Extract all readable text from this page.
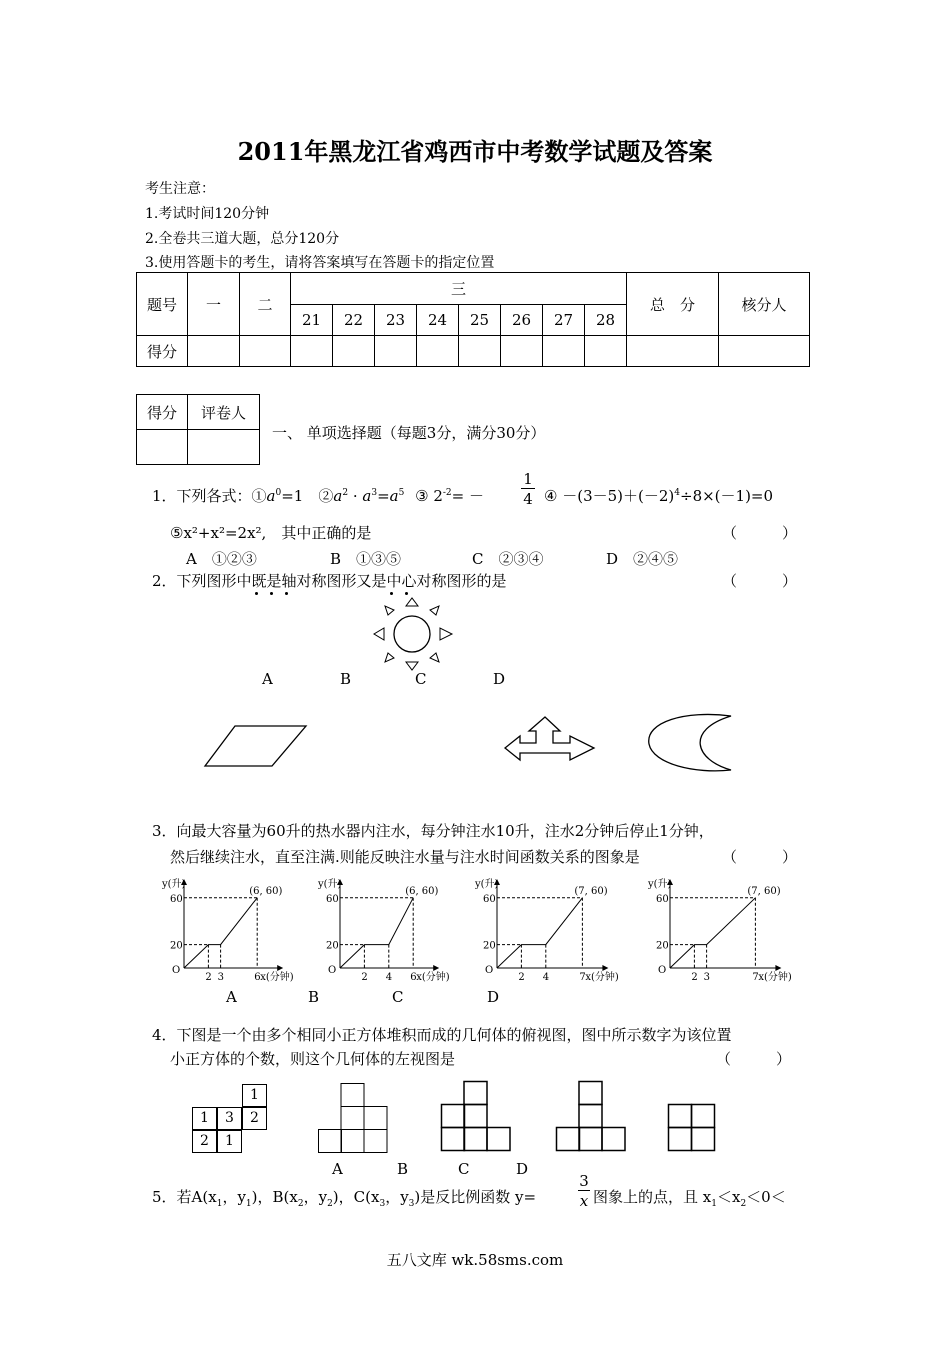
2011年黑龙江省鸡西市中考数学试题及答案
考生注意：
1.考试时间120分钟
2.全卷共三道大题，总分120分
3.使用答题卡的考生，请将答案填写在答题卡的指定位置
题号	一	二	三								总　分	核分人
			21	22	23	24	25	26	27	28		
得分												
得分	评卷人

一、 单项选择题（每题3分，满分30分）
1．下列各式：$①a^0=1$　$②a^2 \cdot a^3=a^5$ ③ $2^{-2}= - \frac{1}{4}$ ④ $-(3-5)+(-2)^4\div 8\times(-1)=0$
⑤x²+x²=2x²,　其中正确的是	（　　　）
A　①②③	B　①③⑤	C　②③④	D　②④⑤
2．下列图形中既是轴对称图形又是中心对称图形的是	（　　　）
A	B	C	D
3．向最大容量为60升的热水器内注水，每分钟注水10升，注水2分钟后停止1分钟，
然后继续注水，直至注满.则能反映注水量与注水时间函数关系的图象是	（　　　）
y(升)
x(分钟)
O
20
60
2 3	6
(6, 60)
y(升)
x(分钟)
O
20
60
2 4 6
(6, 60)
y(升)
x(分钟)
O
20
60
2 4	7
(7, 60)
y(升)
x(分钟)
O
20
60
2 3	7
(7, 60)
A	B	C	D
4．下图是一个由多个相同小正方体堆积而成的几何体的俯视图，图中所示数字为该位置
小正方体的个数，则这个几何体的左视图是	（　　　）
1
1	3	2
2	1
A	B	C	D
5．若$A(x_1$，$y_1$)，$B(x_2$，$y_2$)，$C(x_3$，$y_3$)是反比例函数 y=	$\frac{3}{x}$ 图象上的点，且 $x_1<x_2<0<$
五八文库 wk.58sms.com
